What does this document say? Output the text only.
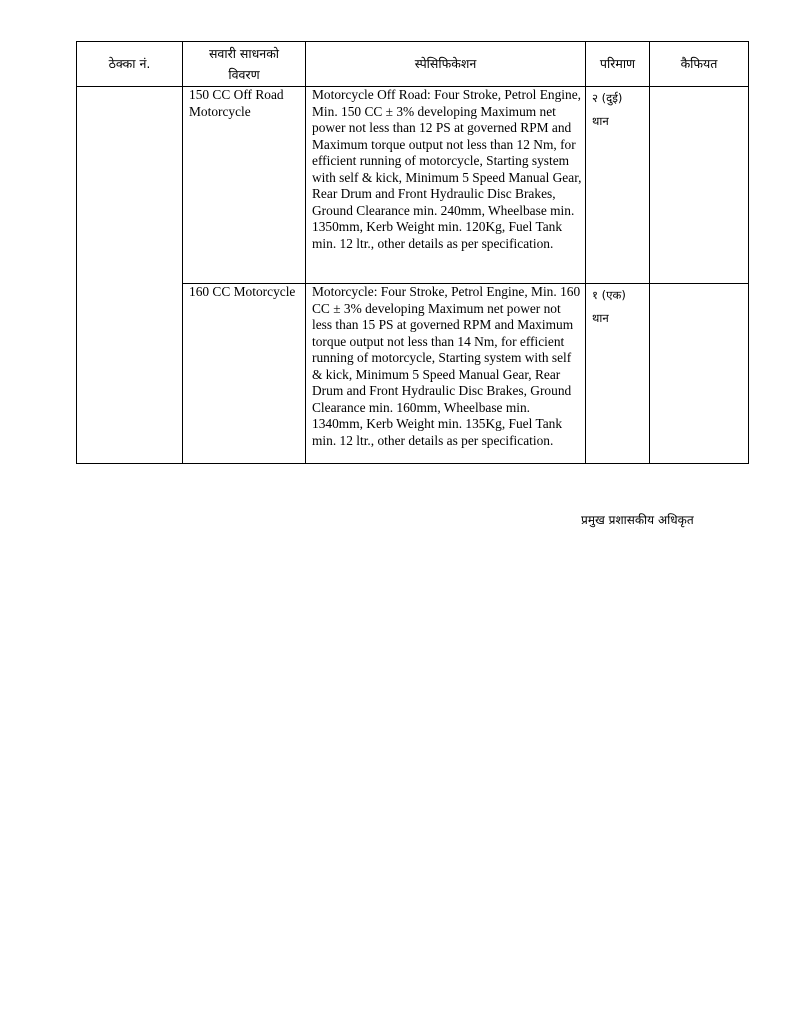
ठेक्का नं.	सवारी साधनको
विवरण	स्पेसिफिकेशन	परिमाण	कैफियत
	150 CC Off Road Motorcycle	Motorcycle Off Road: Four Stroke, Petrol Engine, Min. 150 CC ± 3% developing Maximum net power not less than 12 PS at governed RPM and Maximum torque output not less than 12 Nm, for efficient running of motorcycle, Starting system with self & kick, Minimum 5 Speed Manual Gear, Rear Drum and Front Hydraulic Disc Brakes, Ground Clearance min. 240mm, Wheelbase min. 1350mm, Kerb Weight min. 120Kg, Fuel Tank min. 12 ltr., other details as per specification.	२ (दुई)
थान	
	160 CC Motorcycle	Motorcycle: Four Stroke, Petrol Engine, Min. 160 CC ± 3% developing Maximum net power not less than 15 PS at governed RPM and Maximum torque output not less than 14 Nm, for efficient running of motorcycle, Starting system with self & kick, Minimum 5 Speed Manual Gear, Rear Drum and Front Hydraulic Disc Brakes, Ground Clearance min. 160mm, Wheelbase min. 1340mm, Kerb Weight min. 135Kg, Fuel Tank min. 12 ltr., other details as per specification.	१ (एक)
थान	
प्रमुख प्रशासकीय अधिकृत
